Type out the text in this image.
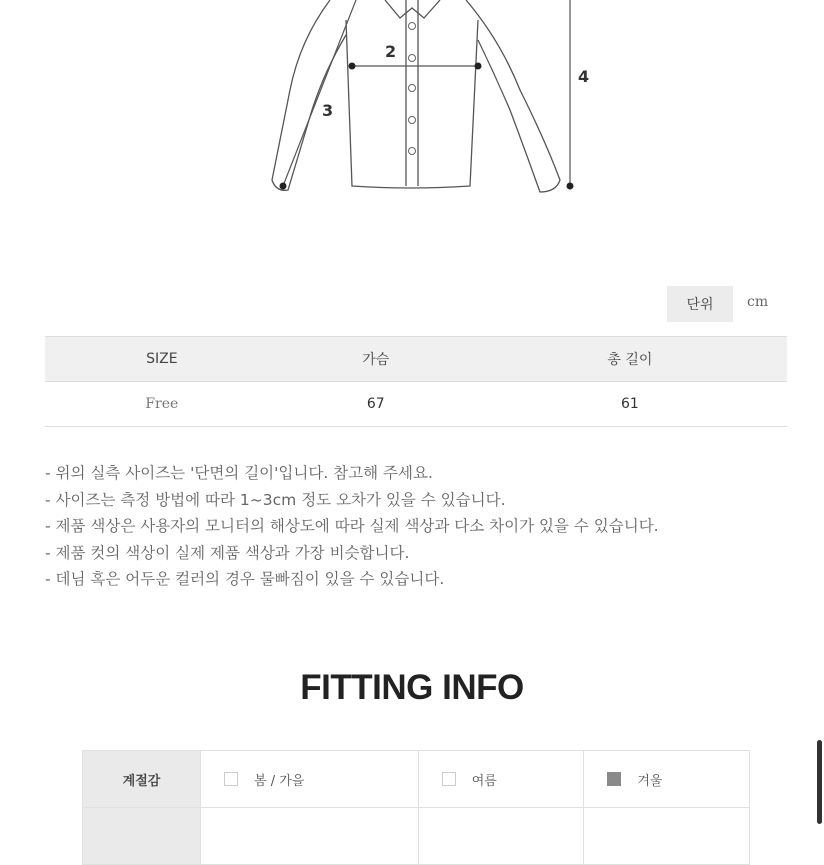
2
3
4
단위	cm
SIZE	가슴	총 길이
Free	67	61
- 위의 실측 사이즈는 '단면의 길이'입니다. 참고해 주세요.
- 사이즈는 측정 방법에 따라 1~3cm 정도 오차가 있을 수 있습니다.
- 제품 색상은 사용자의 모니터의 해상도에 따라 실제 색상과 다소 차이가 있을 수 있습니다.
- 제품 컷의 색상이 실제 제품 색상과 가장 비슷합니다.
- 데님 혹은 어두운 컬러의 경우 물빠짐이 있을 수 있습니다.
FITTING INFO
계절감	봄 / 가을	여름	겨울
